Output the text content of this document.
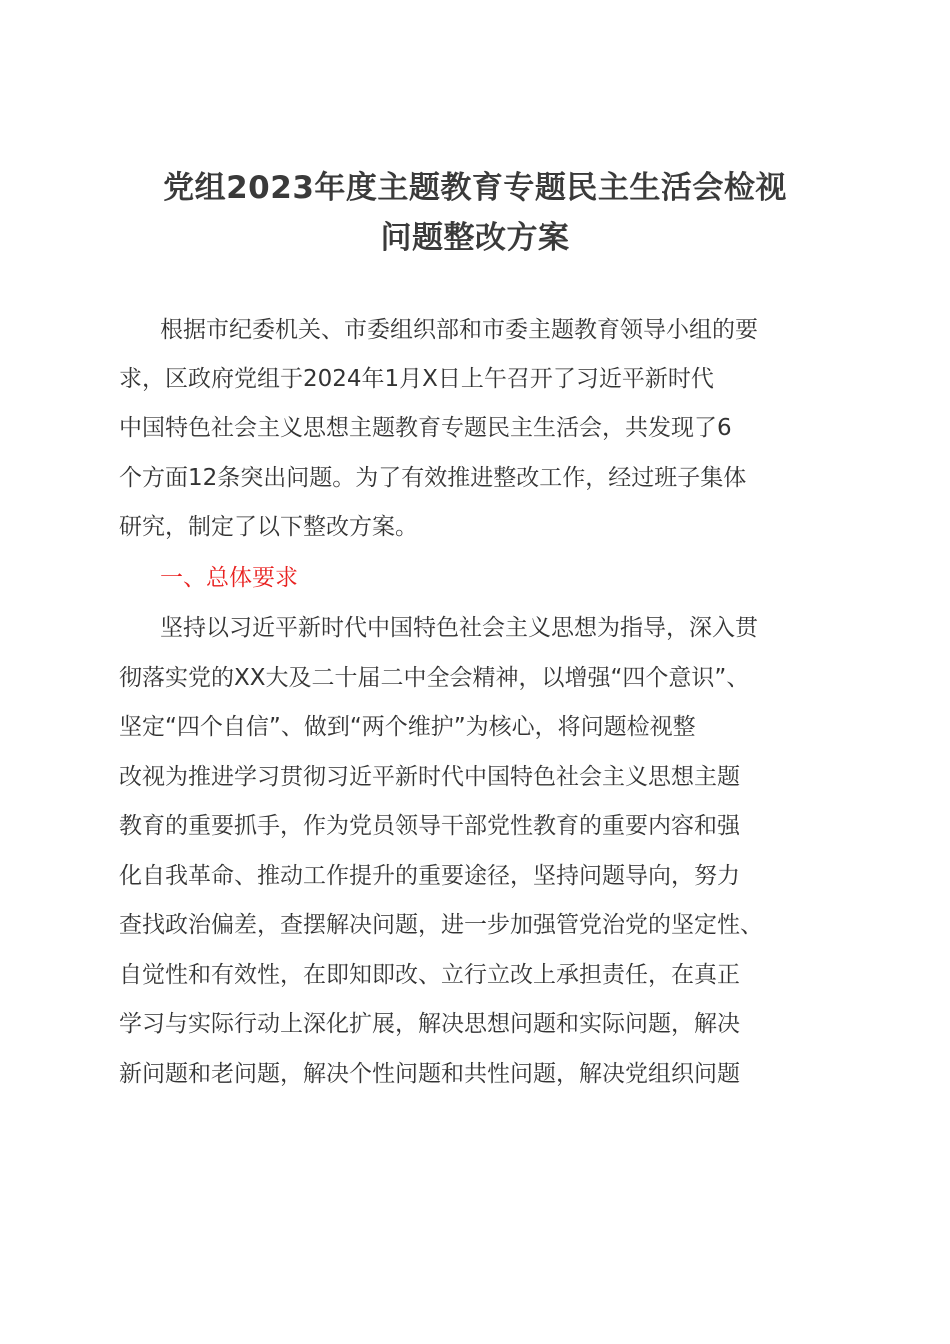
党组2023年度主题教育专题民主生活会检视
问题整改方案
根据市纪委机关、市委组织部和市委主题教育领导小组的要
求，区政府党组于2024年1月X日上午召开了习近平新时代
中国特色社会主义思想主题教育专题民主生活会，共发现了6
个方面12条突出问题。为了有效推进整改工作，经过班子集体
研究，制定了以下整改方案。
一、总体要求
坚持以习近平新时代中国特色社会主义思想为指导，深入贯
彻落实党的XX大及二十届二中全会精神，以增强“四个意识”、
坚定“四个自信”、做到“两个维护”为核心，将问题检视整
改视为推进学习贯彻习近平新时代中国特色社会主义思想主题
教育的重要抓手，作为党员领导干部党性教育的重要内容和强
化自我革命、推动工作提升的重要途径，坚持问题导向，努力
查找政治偏差，查摆解决问题，进一步加强管党治党的坚定性、
自觉性和有效性，在即知即改、立行立改上承担责任，在真正
学习与实际行动上深化扩展，解决思想问题和实际问题，解决
新问题和老问题，解决个性问题和共性问题，解决党组织问题
